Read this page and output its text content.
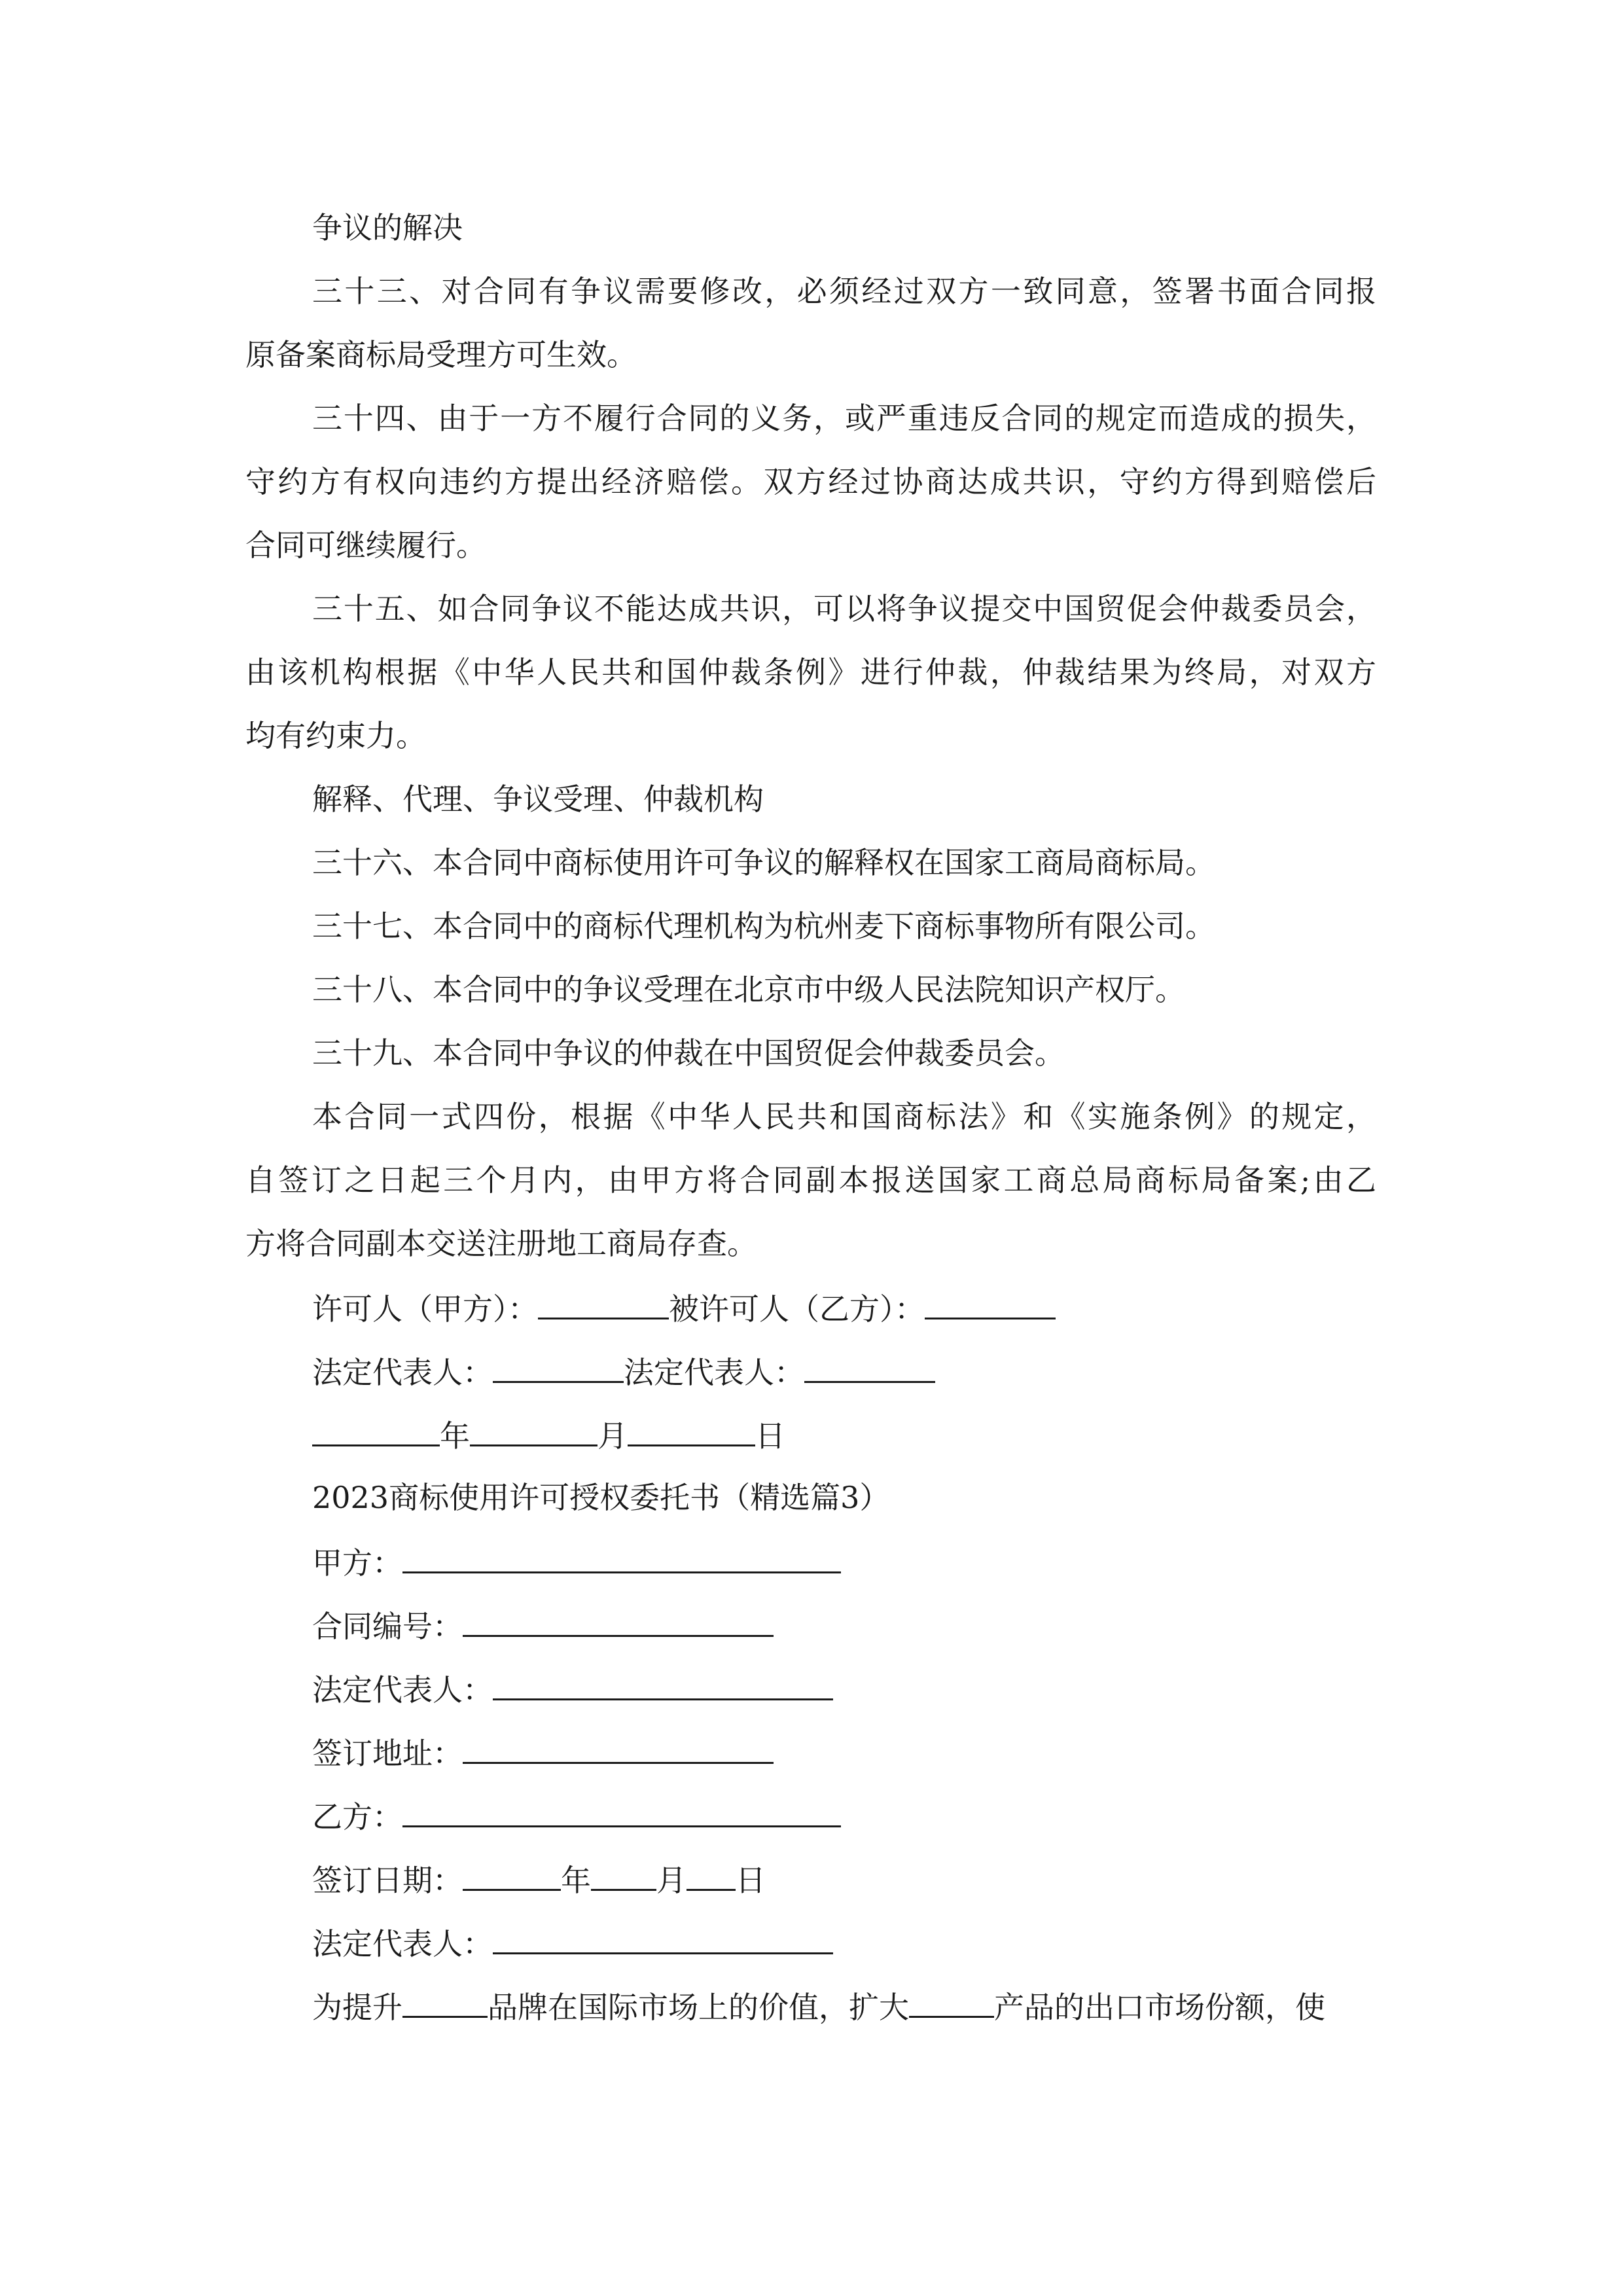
争议的解决
三十三、对合同有争议需要修改，必须经过双方一致同意，签署书面合同报
原备案商标局受理方可生效。
三十四、由于一方不履行合同的义务，或严重违反合同的规定而造成的损失，
守约方有权向违约方提出经济赔偿。双方经过协商达成共识，守约方得到赔偿后
合同可继续履行。
三十五、如合同争议不能达成共识，可以将争议提交中国贸促会仲裁委员会，
由该机构根据《中华人民共和国仲裁条例》进行仲裁，仲裁结果为终局，对双方
均有约束力。
解释、代理、争议受理、仲裁机构
三十六、本合同中商标使用许可争议的解释权在国家工商局商标局。
三十七、本合同中的商标代理机构为杭州麦下商标事物所有限公司。
三十八、本合同中的争议受理在北京市中级人民法院知识产权厅。
三十九、本合同中争议的仲裁在中国贸促会仲裁委员会。
本合同一式四份，根据《中华人民共和国商标法》和《实施条例》的规定，
自签订之日起三个月内，由甲方将合同副本报送国家工商总局商标局备案;由乙
方将合同副本交送注册地工商局存查。
许可人（甲方）：	被许可人（乙方）：
法定代表人：	法定代表人：
年	月	日
2023商标使用许可授权委托书（精选篇3）
甲方：
合同编号：
法定代表人：
签订地址：
乙方：
签订日期：	年 月 日
法定代表人：
为提升	品牌在国际市场上的价值，扩大	产品的出口市场份额，使
